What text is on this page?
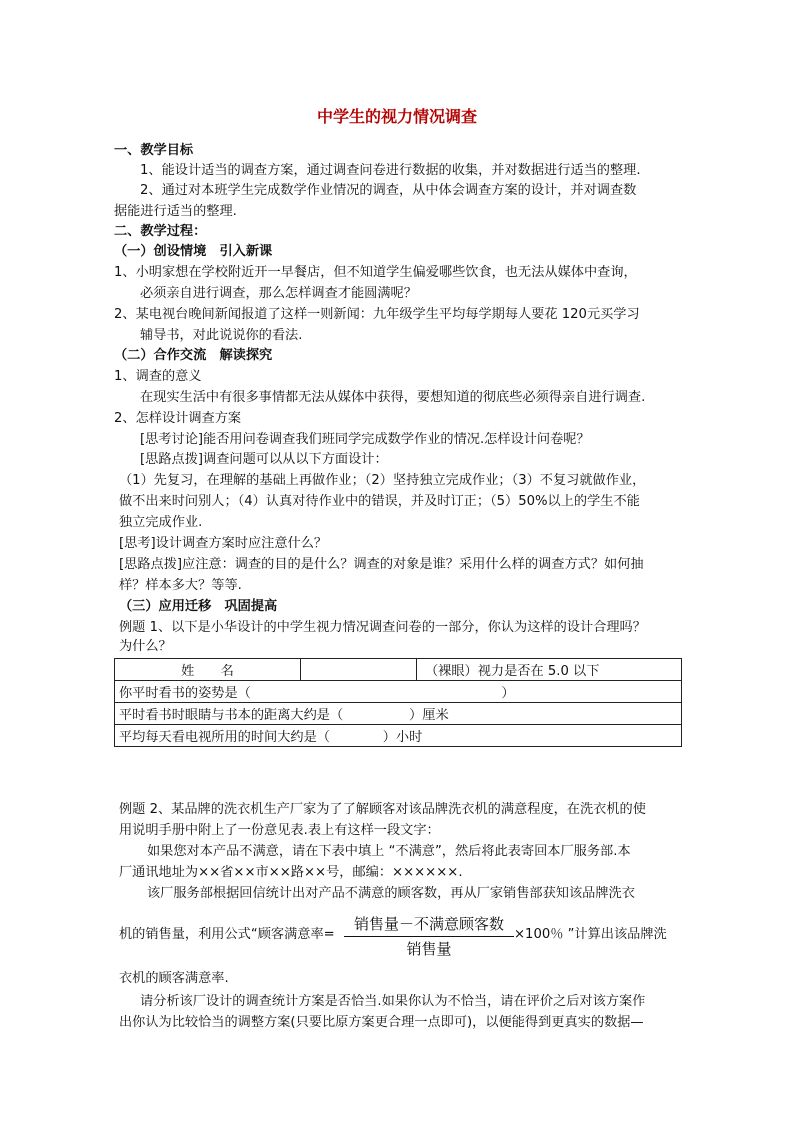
中学生的视力情况调查
一、教学目标
1、能设计适当的调查方案，通过调查问卷进行数据的收集，并对数据进行适当的整理.
2、通过对本班学生完成数学作业情况的调查，从中体会调查方案的设计，并对调查数
据能进行适当的整理.
二、教学过程：
（一）创设情境　引入新课
1、小明家想在学校附近开一早餐店，但不知道学生偏爱哪些饮食，也无法从媒体中查询，
必须亲自进行调查，那么怎样调查才能圆满呢？
2、某电视台晚间新闻报道了这样一则新闻：九年级学生平均每学期每人要花 120元买学习
辅导书，对此说说你的看法.
（二）合作交流　解读探究
1、调查的意义
在现实生活中有很多事情都无法从媒体中获得，要想知道的彻底些必须得亲自进行调查.
2、怎样设计调查方案
[思考讨论]能否用问卷调查我们班同学完成数学作业的情况.怎样设计问卷呢？
[思路点拨]调查问题可以从以下方面设计：
（1）先复习，在理解的基础上再做作业；（2）坚持独立完成作业；（3）不复习就做作业，
做不出来时问别人；（4）认真对待作业中的错误，并及时订正；（5）50%以上的学生不能
独立完成作业.
[思考]设计调查方案时应注意什么？
[思路点拨]应注意：调查的目的是什么？调查的对象是谁？采用什么样的调查方式？如何抽
样？样本多大？等等.
（三）应用迁移　巩固提高
例题 1、以下是小华设计的中学生视力情况调查问卷的一部分，你认为这样的设计合理吗？
为什么？
姓　　名		（裸眼）视力是否在 5.0 以下
你平时看书的姿势是（　　　　　　　　　　　　　　　　　　　）
平时看书时眼睛与书本的距离大约是（　　　　　）厘米
平均每天看电视所用的时间大约是（　　　　）小时
例题 2、某品牌的洗衣机生产厂家为了了解顾客对该品牌洗衣机的满意程度，在洗衣机的使
用说明手册中附上了一份意见表.表上有这样一段文字：
如果您对本产品不满意，请在下表中填上 “不满意”，然后将此表寄回本厂服务部.本
厂通讯地址为××省××市××路××号，邮编：××××××.
该厂服务部根据回信统计出对产品不满意的顾客数，再从厂家销售部获知该品牌洗衣
机的销售量，利用公式“顾客满意率=
销售量－不满意顾客数
销售量
×100％ ”计算出该品牌洗
衣机的顾客满意率.
请分析该厂设计的调查统计方案是否恰当.如果你认为不恰当，请在评价之后对该方案作
出你认为比较恰当的调整方案(只要比原方案更合理一点即可)，以便能得到更真实的数据—
